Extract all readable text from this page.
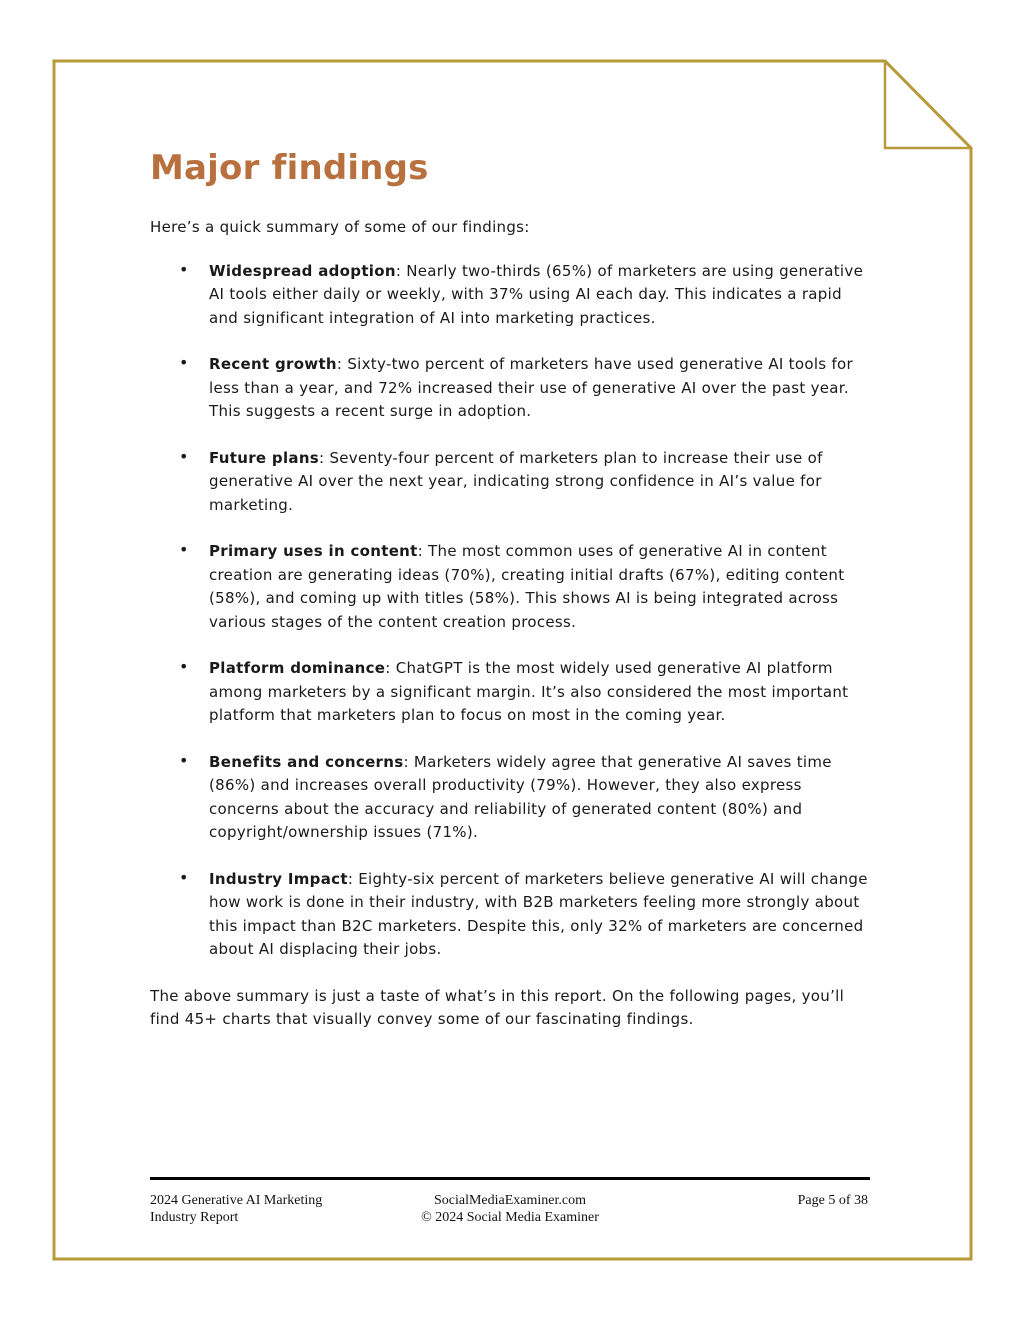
Major findings

Here’s a quick summary of some of our findings:

• Widespread adoption: Nearly two-thirds (65%) of marketers are using generative AI tools either daily or weekly, with 37% using AI each day. This indicates a rapid and significant integration of AI into marketing practices.
• Recent growth: Sixty-two percent of marketers have used generative AI tools for less than a year, and 72% increased their use of generative AI over the past year. This suggests a recent surge in adoption.
• Future plans: Seventy-four percent of marketers plan to increase their use of generative AI over the next year, indicating strong confidence in AI’s value for marketing.
• Primary uses in content: The most common uses of generative AI in content creation are generating ideas (70%), creating initial drafts (67%), editing content (58%), and coming up with titles (58%). This shows AI is being integrated across various stages of the content creation process.
• Platform dominance: ChatGPT is the most widely used generative AI platform among marketers by a significant margin. It’s also considered the most important platform that marketers plan to focus on most in the coming year.
• Benefits and concerns: Marketers widely agree that generative AI saves time (86%) and increases overall productivity (79%). However, they also express concerns about the accuracy and reliability of generated content (80%) and copyright/ownership issues (71%).
• Industry Impact: Eighty-six percent of marketers believe generative AI will change how work is done in their industry, with B2B marketers feeling more strongly about this impact than B2C marketers. Despite this, only 32% of marketers are concerned about AI displacing their jobs.

The above summary is just a taste of what’s in this report. On the following pages, you’ll find 45+ charts that visually convey some of our fascinating findings.

2024 Generative AI Marketing
Industry Report
SocialMediaExaminer.com
© 2024 Social Media Examiner
Page 5 of 38
